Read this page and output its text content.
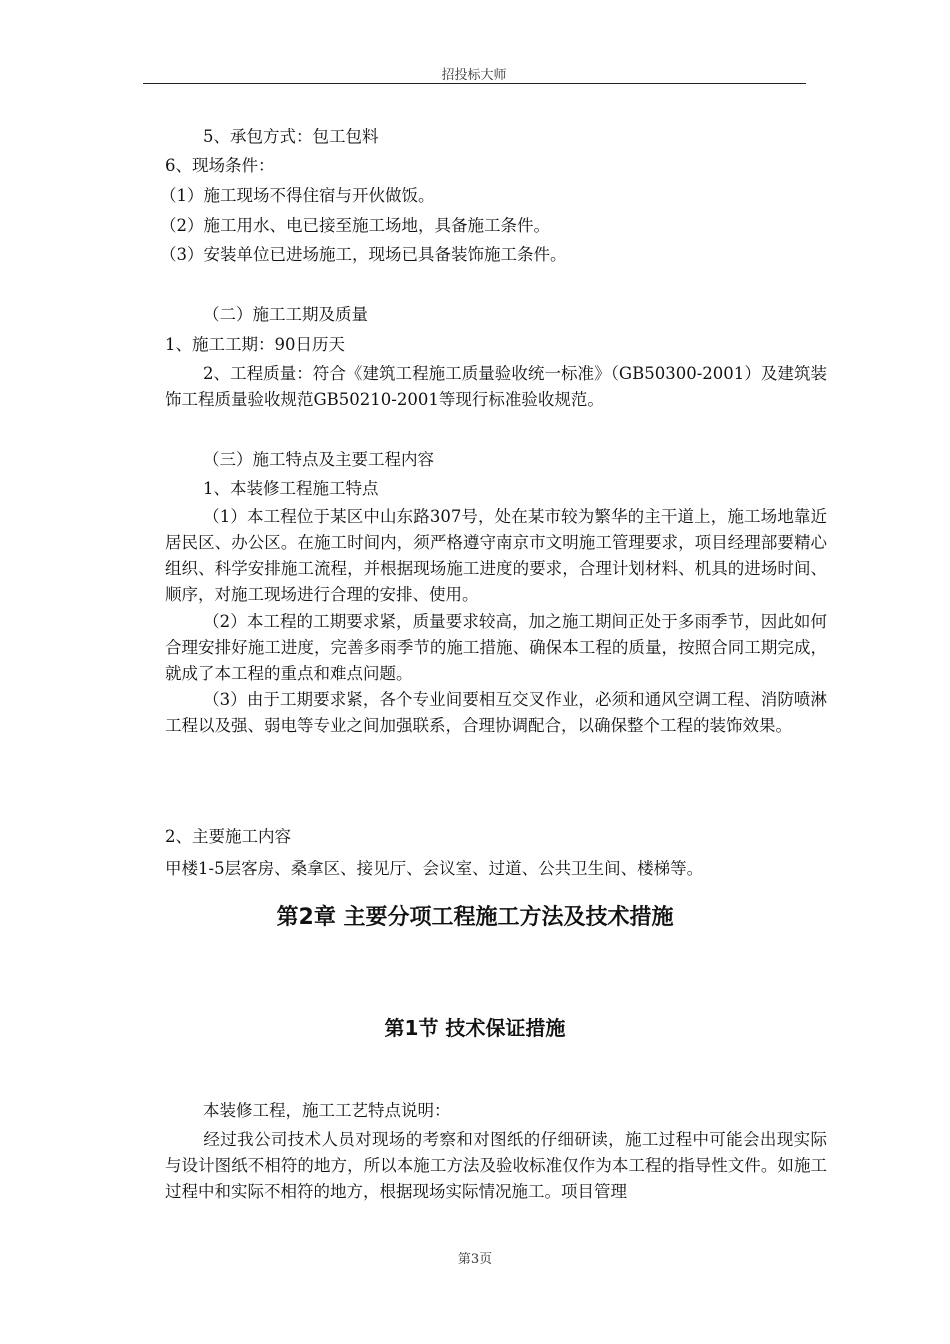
招投标大师
5、承包方式：包工包料
6、现场条件：
（1）施工现场不得住宿与开伙做饭。
（2）施工用水、电已接至施工场地，具备施工条件。
（3）安装单位已进场施工，现场已具备装饰施工条件。
（二）施工工期及质量
1、施工工期：90日历天
2、工程质量：符合《建筑工程施工质量验收统一标准》（GB50300-2001）及建筑装饰工程质量验收规范GB50210-2001等现行标准验收规范。
（三）施工特点及主要工程内容
1、本装修工程施工特点
（1）本工程位于某区中山东路307号，处在某市较为繁华的主干道上，施工场地靠近居民区、办公区。在施工时间内，须严格遵守南京市文明施工管理要求，项目经理部要精心组织、科学安排施工流程，并根据现场施工进度的要求，合理计划材料、机具的进场时间、顺序，对施工现场进行合理的安排、使用。
（2）本工程的工期要求紧，质量要求较高，加之施工期间正处于多雨季节，因此如何合理安排好施工进度，完善多雨季节的施工措施、确保本工程的质量，按照合同工期完成，就成了本工程的重点和难点问题。
（3）由于工期要求紧，各个专业间要相互交叉作业，必须和通风空调工程、消防喷淋工程以及强、弱电等专业之间加强联系，合理协调配合，以确保整个工程的装饰效果。
2、主要施工内容
甲楼1-5层客房、桑拿区、接见厅、会议室、过道、公共卫生间、楼梯等。
第2章 主要分项工程施工方法及技术措施
第1节 技术保证措施
本装修工程，施工工艺特点说明：
经过我公司技术人员对现场的考察和对图纸的仔细研读，施工过程中可能会出现实际与设计图纸不相符的地方，所以本施工方法及验收标准仅作为本工程的指导性文件。如施工过程中和实际不相符的地方，根据现场实际情况施工。项目管理
第3页
